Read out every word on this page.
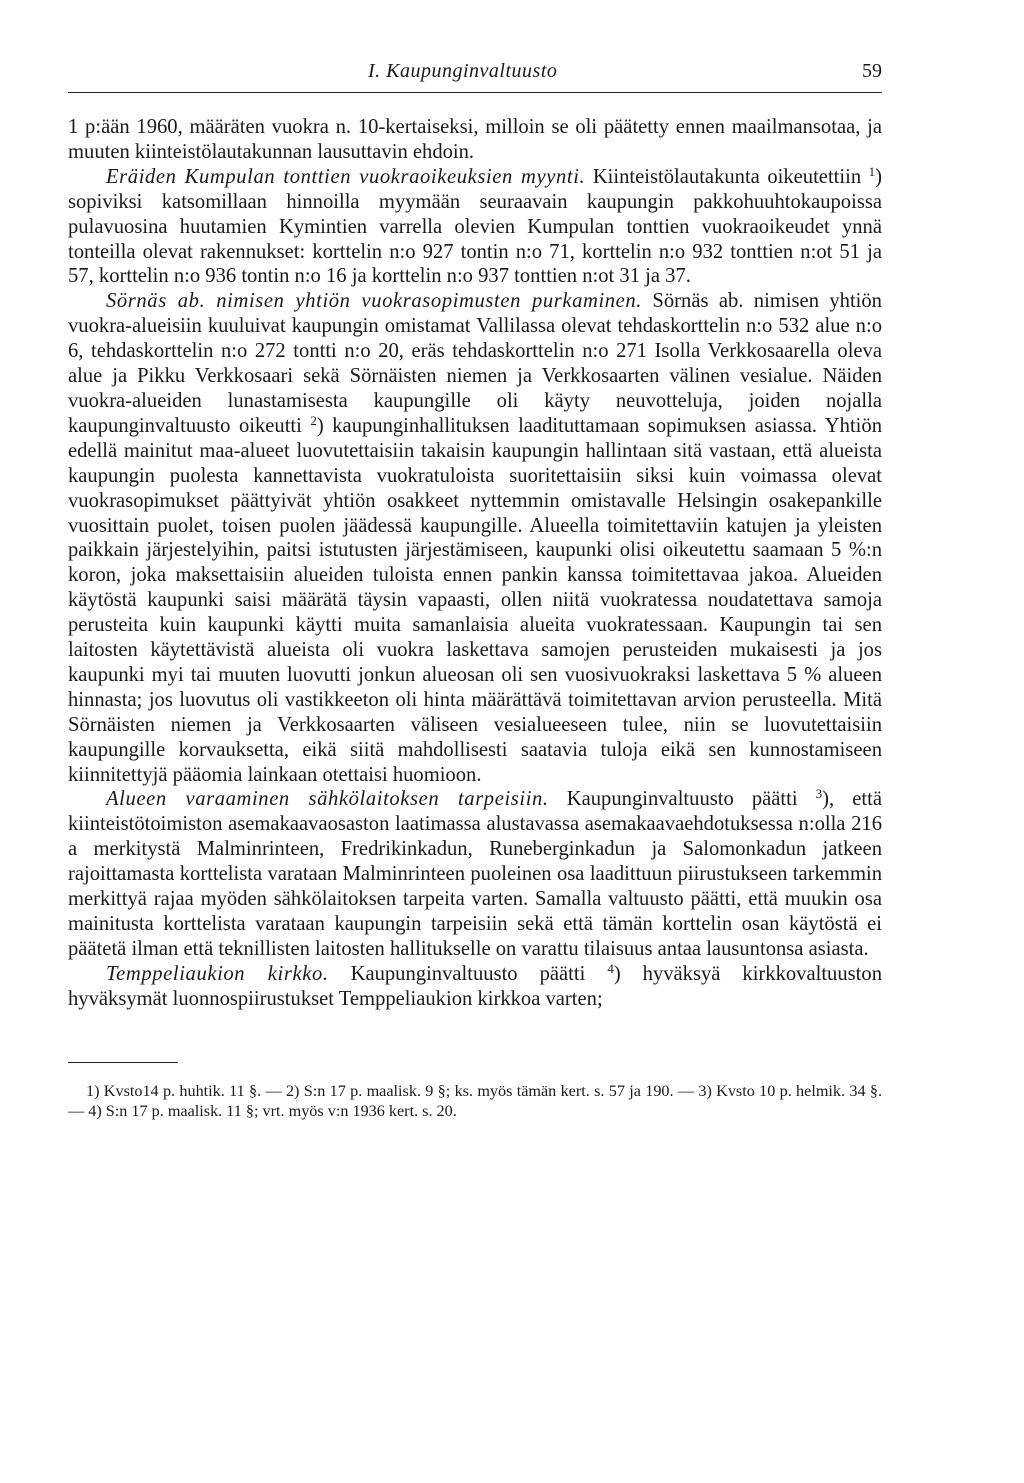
I. Kaupunginvaltuusto	59

1 p:ään 1960, määräten vuokra n. 10-kertaiseksi, milloin se oli päätetty ennen maailmansotaa, ja muuten kiinteistölautakunnan lausuttavin ehdoin.

Eräiden Kumpulan tonttien vuokraoikeuksien myynti. Kiinteistölautakunta oikeutettiin $^1$) sopiviksi katsomillaan hinnoilla myymään seuraavain kaupungin pakkohuuhtokaupoissa pulavuosina huutamien Kymintien varrella olevien Kumpulan tonttien vuokraoikeudet ynnä tonteilla olevat rakennukset: korttelin n:o 927 tontin n:o 71, korttelin n:o 932 tonttien n:ot 51 ja 57, korttelin n:o 936 tontin n:o 16 ja korttelin n:o 937 tonttien n:ot 31 ja 37.

Sörnäs ab. nimisen yhtiön vuokrasopimusten purkaminen. Sörnäs ab. nimisen yhtiön vuokra-alueisiin kuuluivat kaupungin omistamat Vallilassa olevat tehdaskorttelin n:o 532 alue n:o 6, tehdaskorttelin n:o 272 tontti n:o 20, eräs tehdaskorttelin n:o 271 Isolla Verkkosaarella oleva alue ja Pikku Verkkosaari sekä Sörnäisten niemen ja Verkkosaarten välinen vesialue. Näiden vuokra-alueiden lunastamisesta kaupungille oli käyty neuvotteluja, joiden nojalla kaupunginvaltuusto oikeutti $^2$) kaupunginhallituksen laadituttamaan sopimuksen asiassa. Yhtiön edellä mainitut maa-alueet luovutettaisiin takaisin kaupungin hallintaan sitä vastaan, että alueista kaupungin puolesta kannettavista vuokratuloista suoritettaisiin siksi kuin voimassa olevat vuokrasopimukset päättyivät yhtiön osakkeet nyttemmin omistavalle Helsingin osakepankille vuosittain puolet, toisen puolen jäädessä kaupungille. Alueella toimitettaviin katujen ja yleisten paikkain järjestelyihin, paitsi istutusten järjestämiseen, kaupunki olisi oikeutettu saamaan 5 %:n koron, joka maksettaisiin alueiden tuloista ennen pankin kanssa toimitettavaa jakoa. Alueiden käytöstä kaupunki saisi määrätä täysin vapaasti, ollen niitä vuokratessa noudatettava samoja perusteita kuin kaupunki käytti muita samanlaisia alueita vuokratessaan. Kaupungin tai sen laitosten käytettävistä alueista oli vuokra laskettava samojen perusteiden mukaisesti ja jos kaupunki myi tai muuten luovutti jonkun alueosan oli sen vuosivuokraksi laskettava 5 % alueen hinnasta; jos luovutus oli vastikkeeton oli hinta määrättävä toimitettavan arvion perusteella. Mitä Sörnäisten niemen ja Verkkosaarten väliseen vesialueeseen tulee, niin se luovutettaisiin kaupungille korvauksetta, eikä siitä mahdollisesti saatavia tuloja eikä sen kunnostamiseen kiinnitettyjä pääomia lainkaan otettaisi huomioon.

Alueen varaaminen sähkölaitoksen tarpeisiin. Kaupunginvaltuusto päätti $^3$), että kiinteistötoimiston asemakaavaosaston laatimassa alustavassa asemakaavaehdotuksessa n:olla 216 a merkitystä Malminrinteen, Fredrikinkadun, Runeberginkadun ja Salomonkadun jatkeen rajoittamasta korttelista varataan Malminrinteen puoleinen osa laadittuun piirustukseen tarkemmin merkittyä rajaa myöden sähkölaitoksen tarpeita varten. Samalla valtuusto päätti, että muukin osa mainitusta korttelista varataan kaupungin tarpeisiin sekä että tämän korttelin osan käytöstä ei päätetä ilman että teknillisten laitosten hallitukselle on varattu tilaisuus antaa lausuntonsa asiasta.

Temppeliaukion kirkko. Kaupunginvaltuusto päätti $^4$) hyväksyä kirkkovaltuuston hyväksymät luonnospiirustukset Temppeliaukion kirkkoa varten;

1) Kvsto14 p. huhtik. 11 §. — 2) S:n 17 p. maalisk. 9 §; ks. myös tämän kert. s. 57 ja 190. — 3) Kvsto 10 p. helmik. 34 §. — 4) S:n 17 p. maalisk. 11 §; vrt. myös v:n 1936 kert. s. 20.
